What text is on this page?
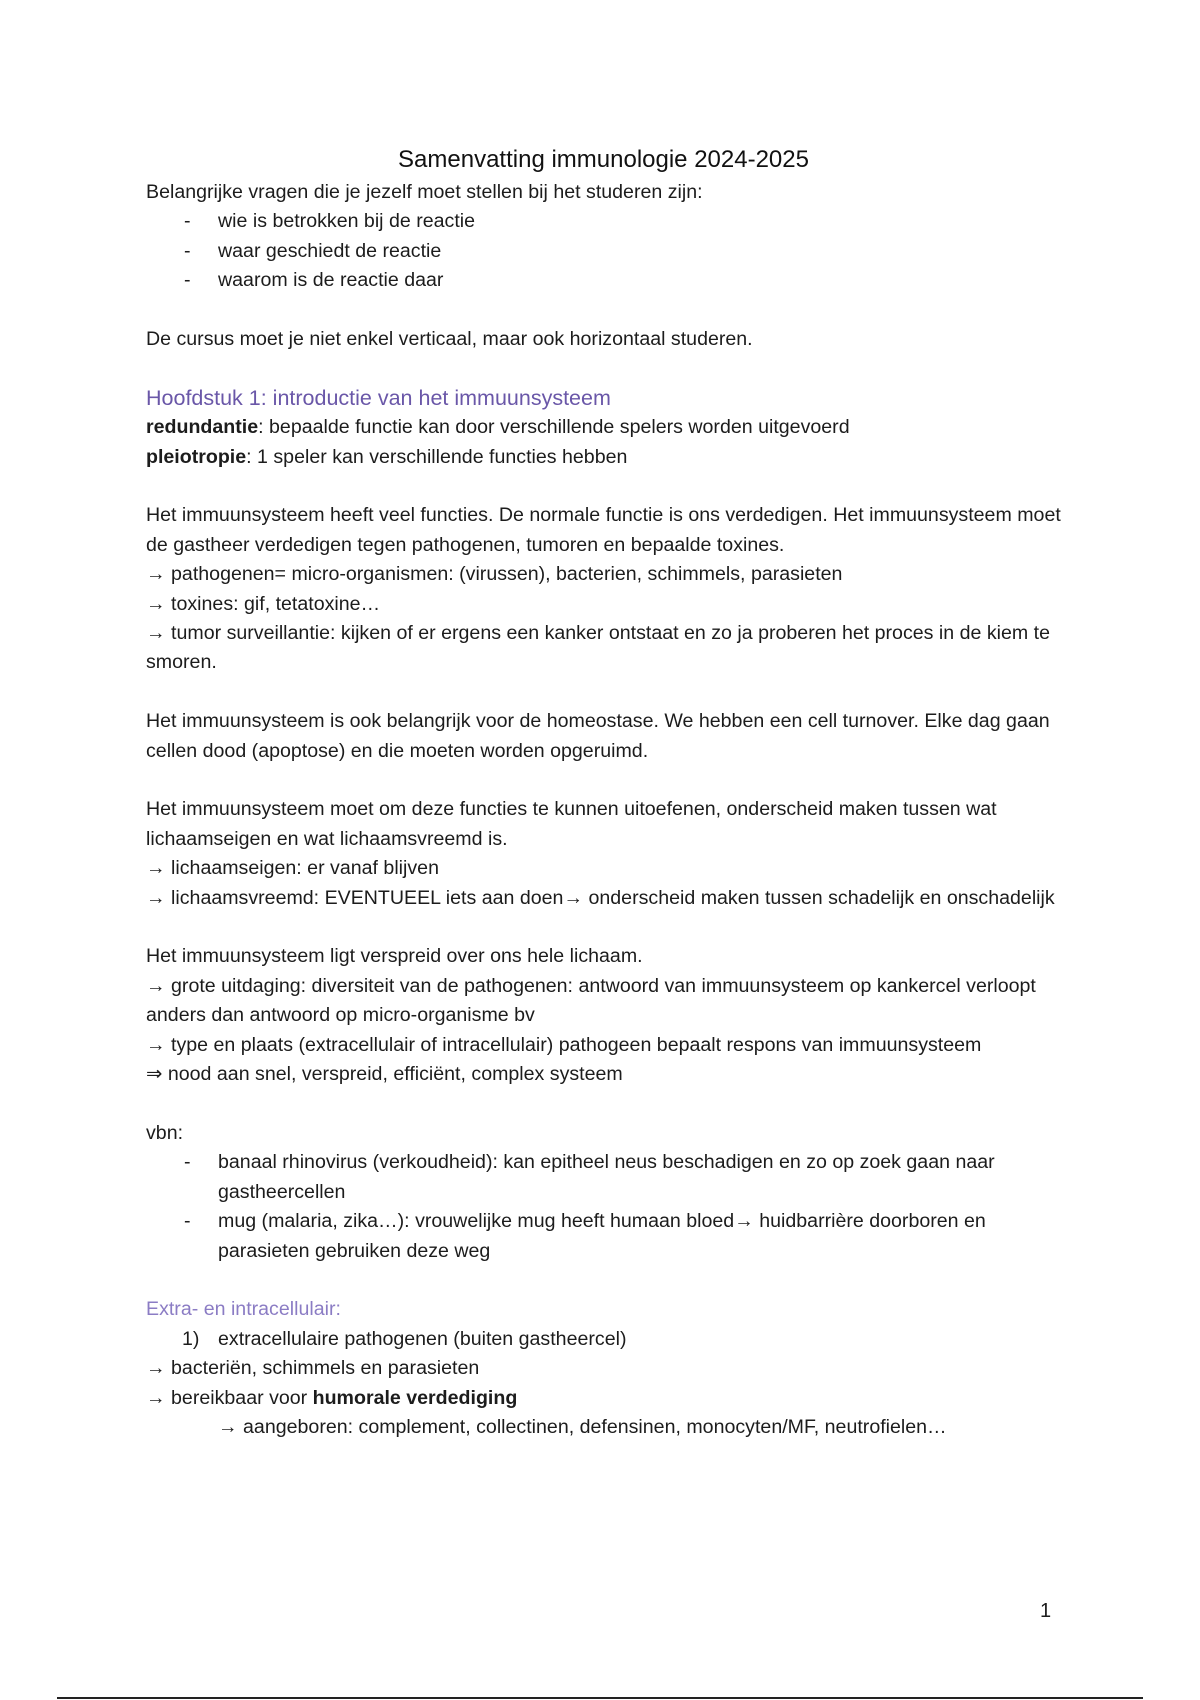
Samenvatting immunologie 2024-2025

Belangrijke vragen die je jezelf moet stellen bij het studeren zijn:

-	wie is betrokken bij de reactie
-	waar geschiedt de reactie
-	waarom is de reactie daar

De cursus moet je niet enkel verticaal, maar ook horizontaal studeren.

Hoofdstuk 1: introductie van het immuunsysteem

redundantie: bepaalde functie kan door verschillende spelers worden uitgevoerd

pleiotropie: 1 speler kan verschillende functies hebben

Het immuunsysteem heeft veel functies. De normale functie is ons verdedigen. Het immuunsysteem moet de gastheer verdedigen tegen pathogenen, tumoren en bepaalde toxines.

→ pathogenen= micro-organismen: (virussen), bacterien, schimmels, parasieten

→ toxines: gif, tetatoxine…

→ tumor surveillantie: kijken of er ergens een kanker ontstaat en zo ja proberen het proces in de kiem te smoren.

Het immuunsysteem is ook belangrijk voor de homeostase. We hebben een cell turnover. Elke dag gaan cellen dood (apoptose) en die moeten worden opgeruimd.

Het immuunsysteem moet om deze functies te kunnen uitoefenen, onderscheid maken tussen wat lichaamseigen en wat lichaamsvreemd is.

→ lichaamseigen: er vanaf blijven

→ lichaamsvreemd: EVENTUEEL iets aan doen→ onderscheid maken tussen schadelijk en onschadelijk

Het immuunsysteem ligt verspreid over ons hele lichaam.

→ grote uitdaging: diversiteit van de pathogenen: antwoord van immuunsysteem op kankercel verloopt anders dan antwoord op micro-organisme bv

→ type en plaats (extracellulair of intracellulair) pathogeen bepaalt respons van immuunsysteem

⇒ nood aan snel, verspreid, efficiënt, complex systeem

vbn:

-	banaal rhinovirus (verkoudheid): kan epitheel neus beschadigen en zo op zoek gaan naar gastheercellen
-	mug (malaria, zika…): vrouwelijke mug heeft humaan bloed→ huidbarrière doorboren en parasieten gebruiken deze weg
Extra- en intracellulair:
1) extracellulaire pathogenen (buiten gastheercel)

→ bacteriën, schimmels en parasieten

→ bereikbaar voor humorale verdediging

→ aangeboren: complement, collectinen, defensinen, monocyten/MF, neutrofielen…

1
